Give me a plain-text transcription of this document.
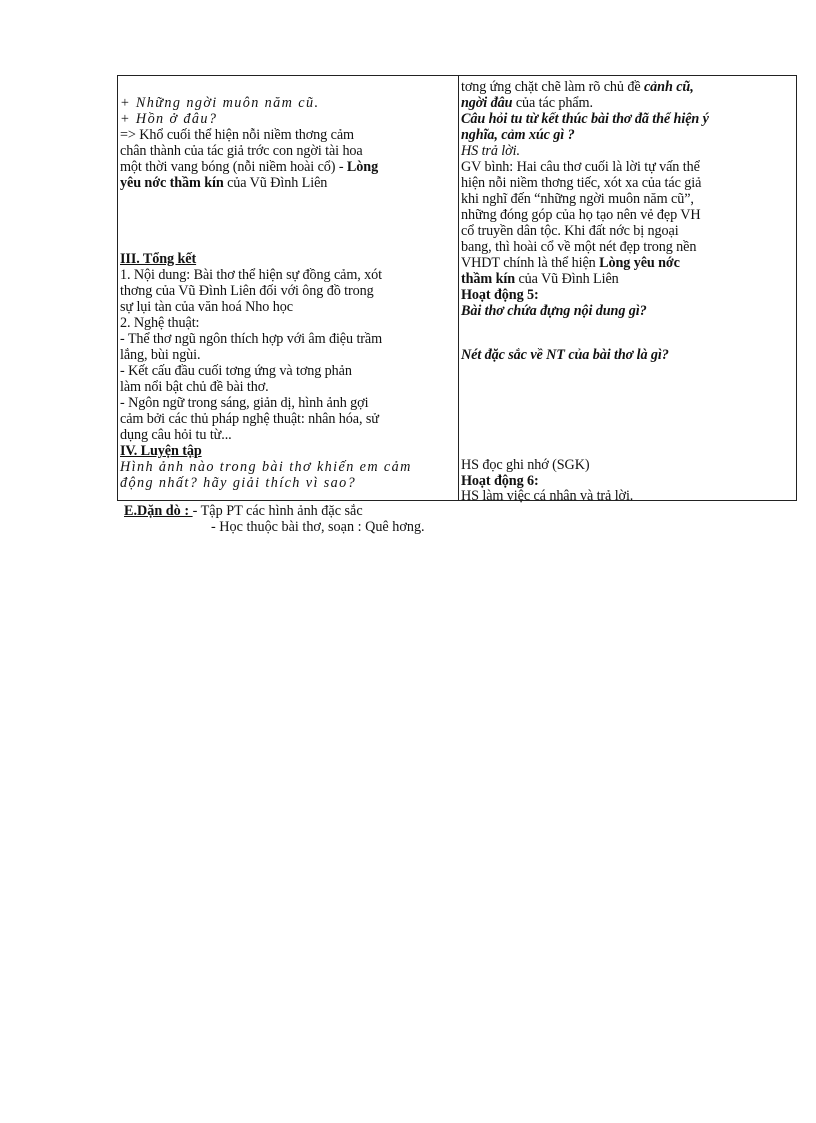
+ Những ngời muôn năm cũ.
+ Hồn ở đâu?
=> Khổ cuối thể hiện nỗi niềm thơng cảm
chân thành của tác giả trớc con ngời tài hoa
một thời vang bóng (nỗi niềm hoài cổ) - Lòng
yêu nớc thầm kín của Vũ Đình Liên
III. Tổng kết
1. Nội dung: Bài thơ thể hiện sự đồng cảm, xót
thơng của Vũ Đình Liên đối với ông đồ trong
sự lụi tàn của văn hoá Nho học
2. Nghệ thuật:
- Thể thơ ngũ ngôn thích hợp với âm điệu trầm
lắng, bùi ngùi.
- Kết cấu đầu cuối tơng ứng và tơng phản
làm nổi bật chủ đề bài thơ.
- Ngôn ngữ trong sáng, giản dị, hình ảnh gợi
cảm bởi các thủ pháp nghệ thuật: nhân hóa, sử
dụng câu hỏi tu từ...
IV. Luyện tập
Hình ảnh nào trong bài thơ khiến em cảm
động nhất? hãy giải thích vì sao?
tơng ứng chặt chẽ làm rõ chủ đề cảnh cũ,
ngời đâu của tác phẩm.
Câu hỏi tu từ kết thúc bài thơ đã thể hiện ý
nghĩa, cảm xúc gì ?
HS trả lời.
GV bình: Hai câu thơ cuối là lời tự vấn thể
hiện nỗi niềm thơng tiếc, xót xa của tác giả
khi nghĩ đến “những ngời muôn năm cũ”,
những đóng góp của họ tạo nên vẻ đẹp VH
cổ truyền dân tộc. Khi đất nớc bị ngoại
bang, thì hoài cổ về một nét đẹp trong nền
VHDT chính là thể hiện Lòng yêu nớc
thầm kín của Vũ Đình Liên
Hoạt động 5:
Bài thơ chứa đựng nội dung gì?
Nét đặc sắc về NT của bài thơ là gì?
HS đọc ghi nhớ (SGK)
Hoạt động 6:
HS làm việc cá nhân và trả lời.
E.Dặn dò : - Tập PT các hình ảnh đặc sắc
- Học thuộc bài thơ, soạn : Quê hơng.
